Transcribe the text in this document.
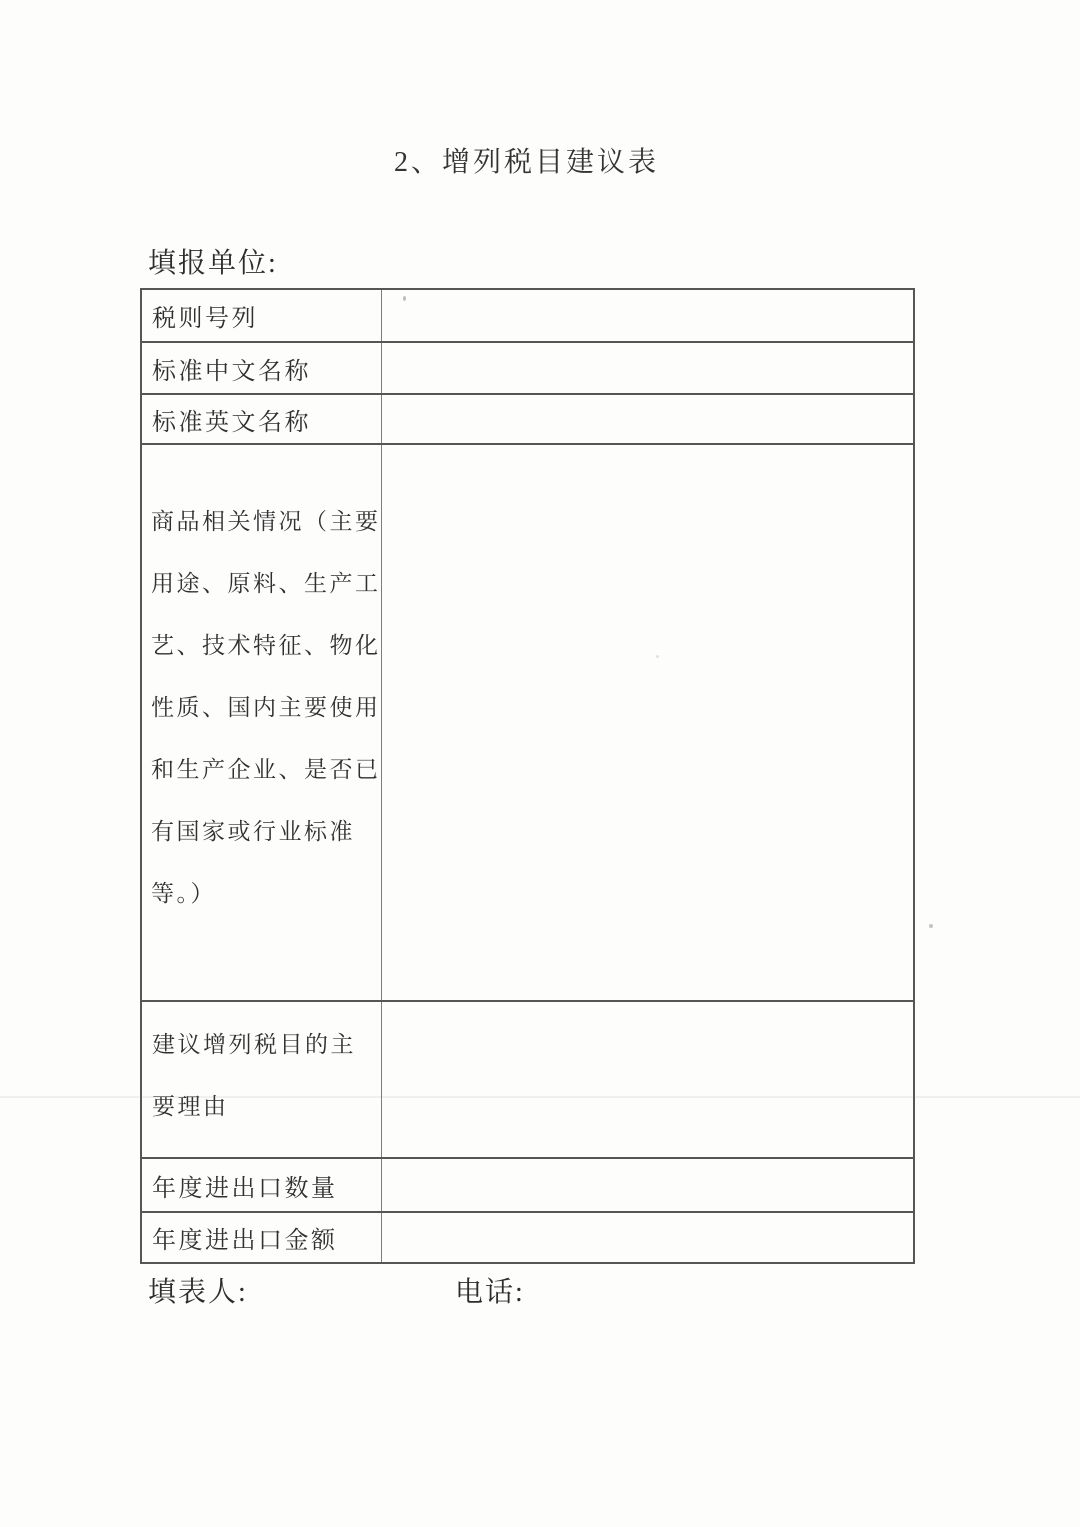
2、增列税目建议表
填报单位:
税则号列	
标准中文名称	
标准英文名称	

商品相关情况（主要
用途、原料、生产工
艺、技术特征、物化
性质、国内主要使用
和生产企业、是否已
有国家或行业标准
等。）

建议增列税目的主
要理由	

年度进出口数量	
年度进出口金额	
填表人:	电话:
